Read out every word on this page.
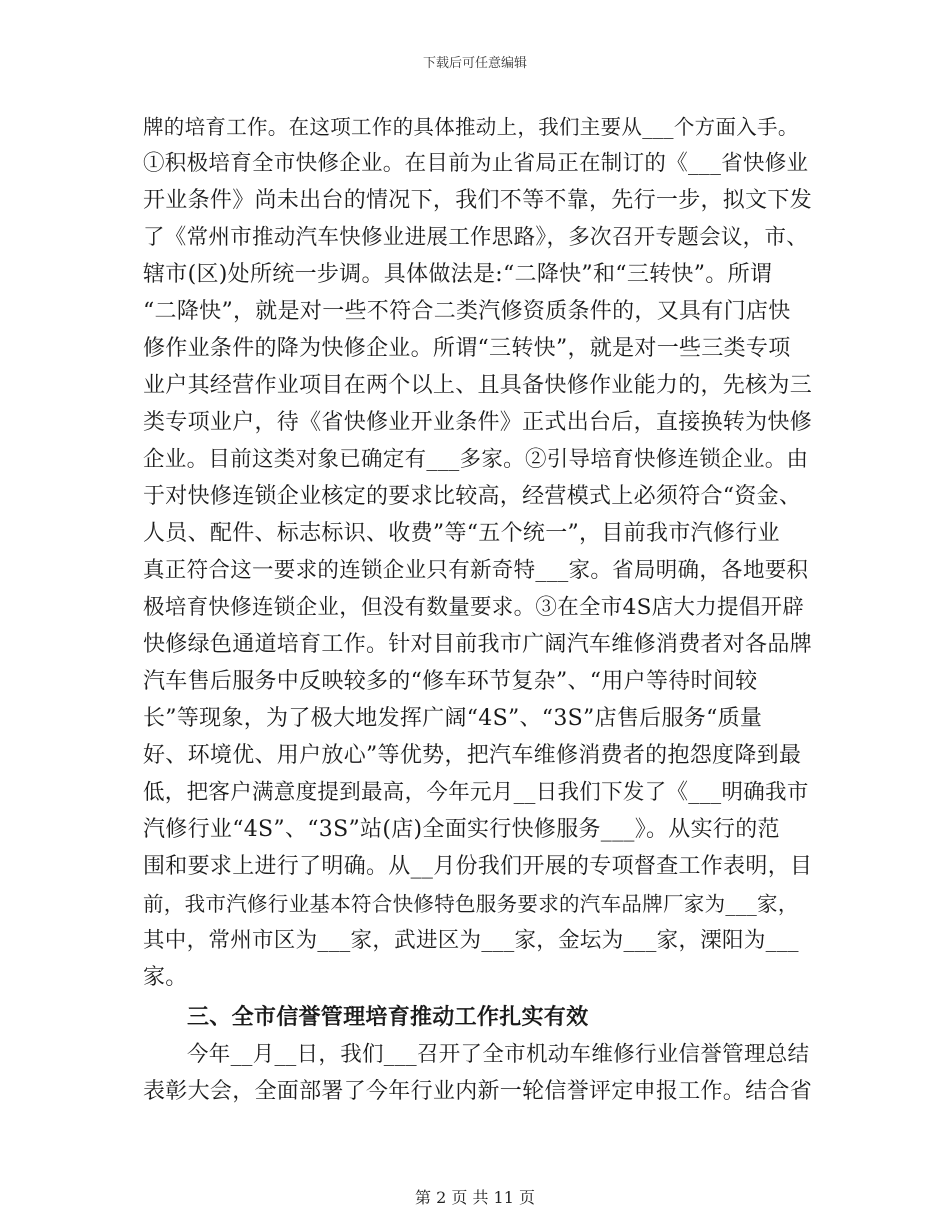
下载后可任意编辑
牌的培育工作。在这项工作的具体推动上，我们主要从___个方面入手。
①积极培育全市快修企业。在目前为止省局正在制订的《___省快修业
开业条件》尚未出台的情况下，我们不等不靠，先行一步，拟文下发
了《常州市推动汽车快修业进展工作思路》，多次召开专题会议，市、
辖市(区)处所统一步调。具体做法是:“二降快”和“三转快”。所谓
“二降快”，就是对一些不符合二类汽修资质条件的，又具有门店快
修作业条件的降为快修企业。所谓“三转快”，就是对一些三类专项
业户其经营作业项目在两个以上、且具备快修作业能力的，先核为三
类专项业户，待《省快修业开业条件》正式出台后，直接换转为快修
企业。目前这类对象已确定有___多家。②引导培育快修连锁企业。由
于对快修连锁企业核定的要求比较高，经营模式上必须符合“资金、
人员、配件、标志标识、收费”等“五个统一”，目前我市汽修行业
真正符合这一要求的连锁企业只有新奇特___家。省局明确，各地要积
极培育快修连锁企业，但没有数量要求。③在全市4S店大力提倡开辟
快修绿色通道培育工作。针对目前我市广阔汽车维修消费者对各品牌
汽车售后服务中反映较多的“修车环节复杂”、“用户等待时间较
长”等现象，为了极大地发挥广阔“4S”、“3S”店售后服务“质量
好、环境优、用户放心”等优势，把汽车维修消费者的抱怨度降到最
低，把客户满意度提到最高，今年元月__日我们下发了《___明确我市
汽修行业“4S”、“3S”站(店)全面实行快修服务___》。从实行的范
围和要求上进行了明确。从__月份我们开展的专项督查工作表明，目
前，我市汽修行业基本符合快修特色服务要求的汽车品牌厂家为___家，
其中，常州市区为___家，武进区为___家，金坛为___家，溧阳为___
家。
三、全市信誉管理培育推动工作扎实有效
今年__月__日，我们___召开了全市机动车维修行业信誉管理总结
表彰大会，全面部署了今年行业内新一轮信誉评定申报工作。结合省
第 2 页 共 11 页
